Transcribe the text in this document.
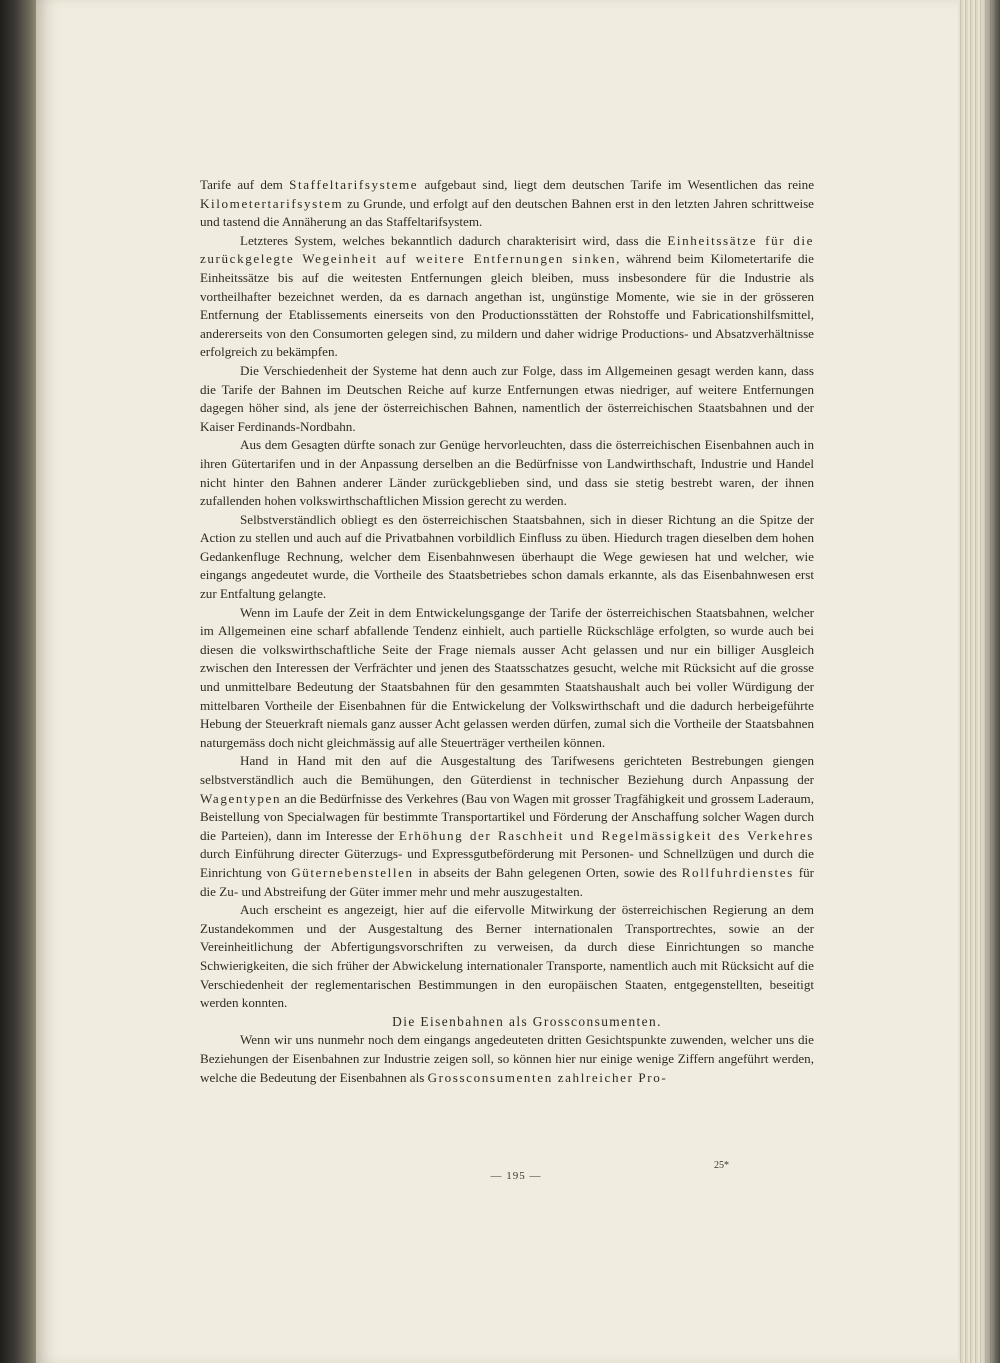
Tarife auf dem Staffeltarifsysteme aufgebaut sind, liegt dem deutschen Tarife im Wesentlichen das reine Kilometertarifsystem zu Grunde, und erfolgt auf den deutschen Bahnen erst in den letzten Jahren schrittweise und tastend die Annäherung an das Staffeltarifsystem.

Letzteres System, welches bekanntlich dadurch charakterisirt wird, dass die Einheitssätze für die zurückgelegte Wegeinheit auf weitere Entfernungen sinken, während beim Kilometertarife die Einheitssätze bis auf die weitesten Entfernungen gleich bleiben, muss insbesondere für die Industrie als vortheilhafter bezeichnet werden, da es darnach angethan ist, ungünstige Momente, wie sie in der grösseren Entfernung der Etablissements einerseits von den Productionsstätten der Rohstoffe und Fabricationshilfsmittel, andererseits von den Consumorten gelegen sind, zu mildern und daher widrige Productions- und Absatzverhältnisse erfolgreich zu bekämpfen.

Die Verschiedenheit der Systeme hat denn auch zur Folge, dass im Allgemeinen gesagt werden kann, dass die Tarife der Bahnen im Deutschen Reiche auf kurze Entfernungen etwas niedriger, auf weitere Entfernungen dagegen höher sind, als jene der österreichischen Bahnen, namentlich der österreichischen Staatsbahnen und der Kaiser Ferdinands-Nordbahn.

Aus dem Gesagten dürfte sonach zur Genüge hervorleuchten, dass die österreichischen Eisenbahnen auch in ihren Gütertarifen und in der Anpassung derselben an die Bedürfnisse von Landwirthschaft, Industrie und Handel nicht hinter den Bahnen anderer Länder zurückgeblieben sind, und dass sie stetig bestrebt waren, der ihnen zufallenden hohen volkswirthschaftlichen Mission gerecht zu werden.

Selbstverständlich obliegt es den österreichischen Staatsbahnen, sich in dieser Richtung an die Spitze der Action zu stellen und auch auf die Privatbahnen vorbildlich Einfluss zu üben. Hiedurch tragen dieselben dem hohen Gedankenfluge Rechnung, welcher dem Eisenbahnwesen überhaupt die Wege gewiesen hat und welcher, wie eingangs angedeutet wurde, die Vortheile des Staatsbetriebes schon damals erkannte, als das Eisenbahnwesen erst zur Entfaltung gelangte.

Wenn im Laufe der Zeit in dem Entwickelungsgange der Tarife der österreichischen Staatsbahnen, welcher im Allgemeinen eine scharf abfallende Tendenz einhielt, auch partielle Rückschläge erfolgten, so wurde auch bei diesen die volkswirthschaftliche Seite der Frage niemals ausser Acht gelassen und nur ein billiger Ausgleich zwischen den Interessen der Verfrächter und jenen des Staatsschatzes gesucht, welche mit Rücksicht auf die grosse und unmittelbare Bedeutung der Staatsbahnen für den gesammten Staatshaushalt auch bei voller Würdigung der mittelbaren Vortheile der Eisenbahnen für die Entwickelung der Volkswirthschaft und die dadurch herbeigeführte Hebung der Steuerkraft niemals ganz ausser Acht gelassen werden dürfen, zumal sich die Vortheile der Staatsbahnen naturgemäss doch nicht gleichmässig auf alle Steuerträger vertheilen können.

Hand in Hand mit den auf die Ausgestaltung des Tarifwesens gerichteten Bestrebungen giengen selbstverständlich auch die Bemühungen, den Güterdienst in technischer Beziehung durch Anpassung der Wagentypen an die Bedürfnisse des Verkehres (Bau von Wagen mit grosser Tragfähigkeit und grossem Laderaum, Beistellung von Specialwagen für bestimmte Transportartikel und Förderung der Anschaffung solcher Wagen durch die Parteien), dann im Interesse der Erhöhung der Raschheit und Regelmässigkeit des Verkehres durch Einführung directer Güterzugs- und Expressgutbeförderung mit Personen- und Schnellzügen und durch die Einrichtung von Güternebenstellen in abseits der Bahn gelegenen Orten, sowie des Rollfuhrdienstes für die Zu- und Abstreifung der Güter immer mehr und mehr auszugestalten.

Auch erscheint es angezeigt, hier auf die eifervolle Mitwirkung der österreichischen Regierung an dem Zustandekommen und der Ausgestaltung des Berner internationalen Transportrechtes, sowie an der Vereinheitlichung der Abfertigungsvorschriften zu verweisen, da durch diese Einrichtungen so manche Schwierigkeiten, die sich früher der Abwickelung internationaler Transporte, namentlich auch mit Rücksicht auf die Verschiedenheit der reglementarischen Bestimmungen in den europäischen Staaten, entgegenstellten, beseitigt werden konnten.

Die Eisenbahnen als Grossconsumenten.

Wenn wir uns nunmehr noch dem eingangs angedeuteten dritten Gesichtspunkte zuwenden, welcher uns die Beziehungen der Eisenbahnen zur Industrie zeigen soll, so können hier nur einige wenige Ziffern angeführt werden, welche die Bedeutung der Eisenbahnen als Grossconsumenten zahlreicher Pro-

— 195 —
25*
